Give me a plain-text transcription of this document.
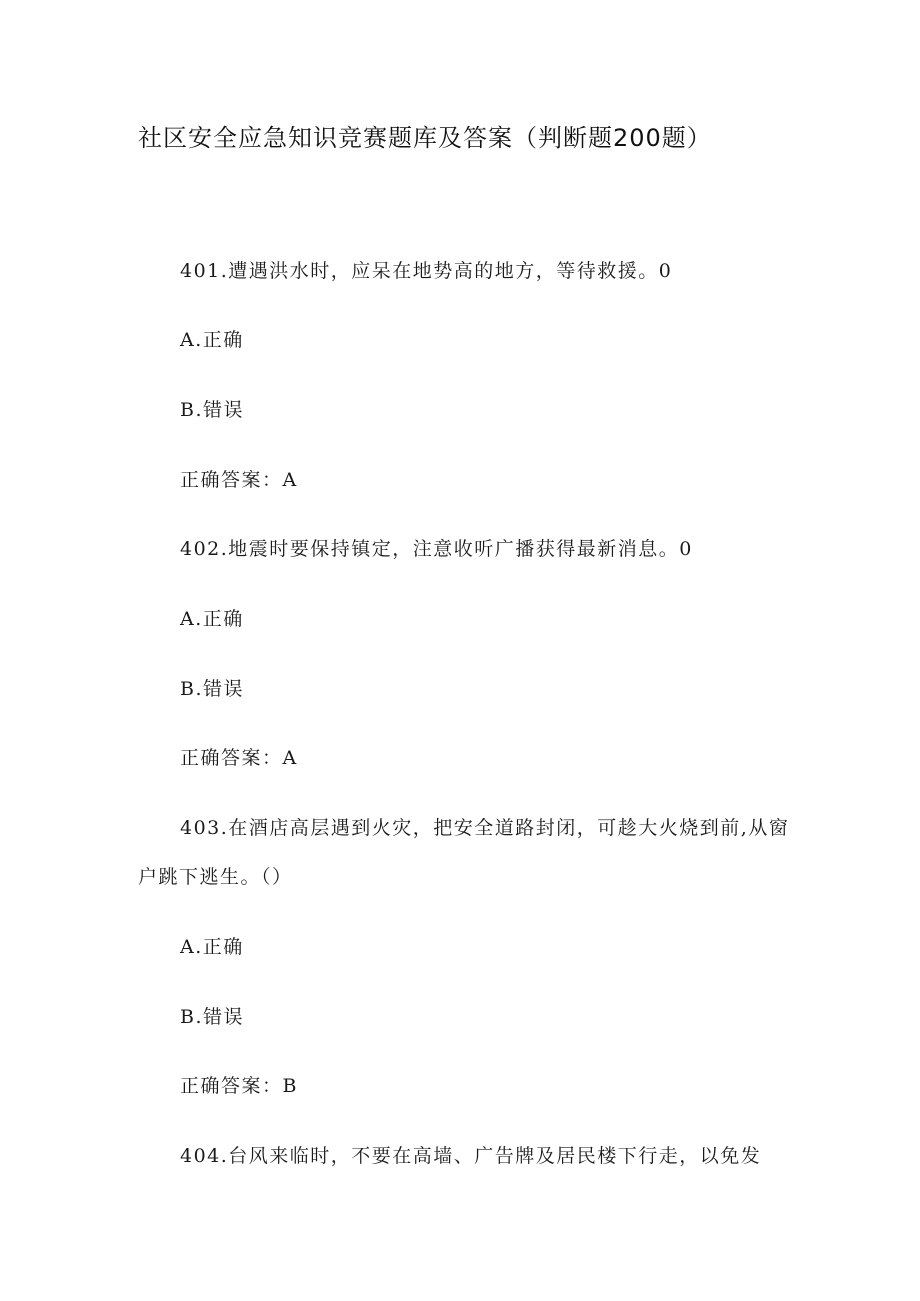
社区安全应急知识竞赛题库及答案（判断题200题）
401.遭遇洪水时，应呆在地势高的地方，等待救援。0
A.正确
B.错误
正确答案：A
402.地震时要保持镇定，注意收听广播获得最新消息。0
A.正确
B.错误
正确答案：A
403.在酒店高层遇到火灾，把安全道路封闭，可趁大火烧到前,从窗
户跳下逃生。（）
A.正确
B.错误
正确答案：B
404.台风来临时，不要在高墙、广告牌及居民楼下行走，以免发
